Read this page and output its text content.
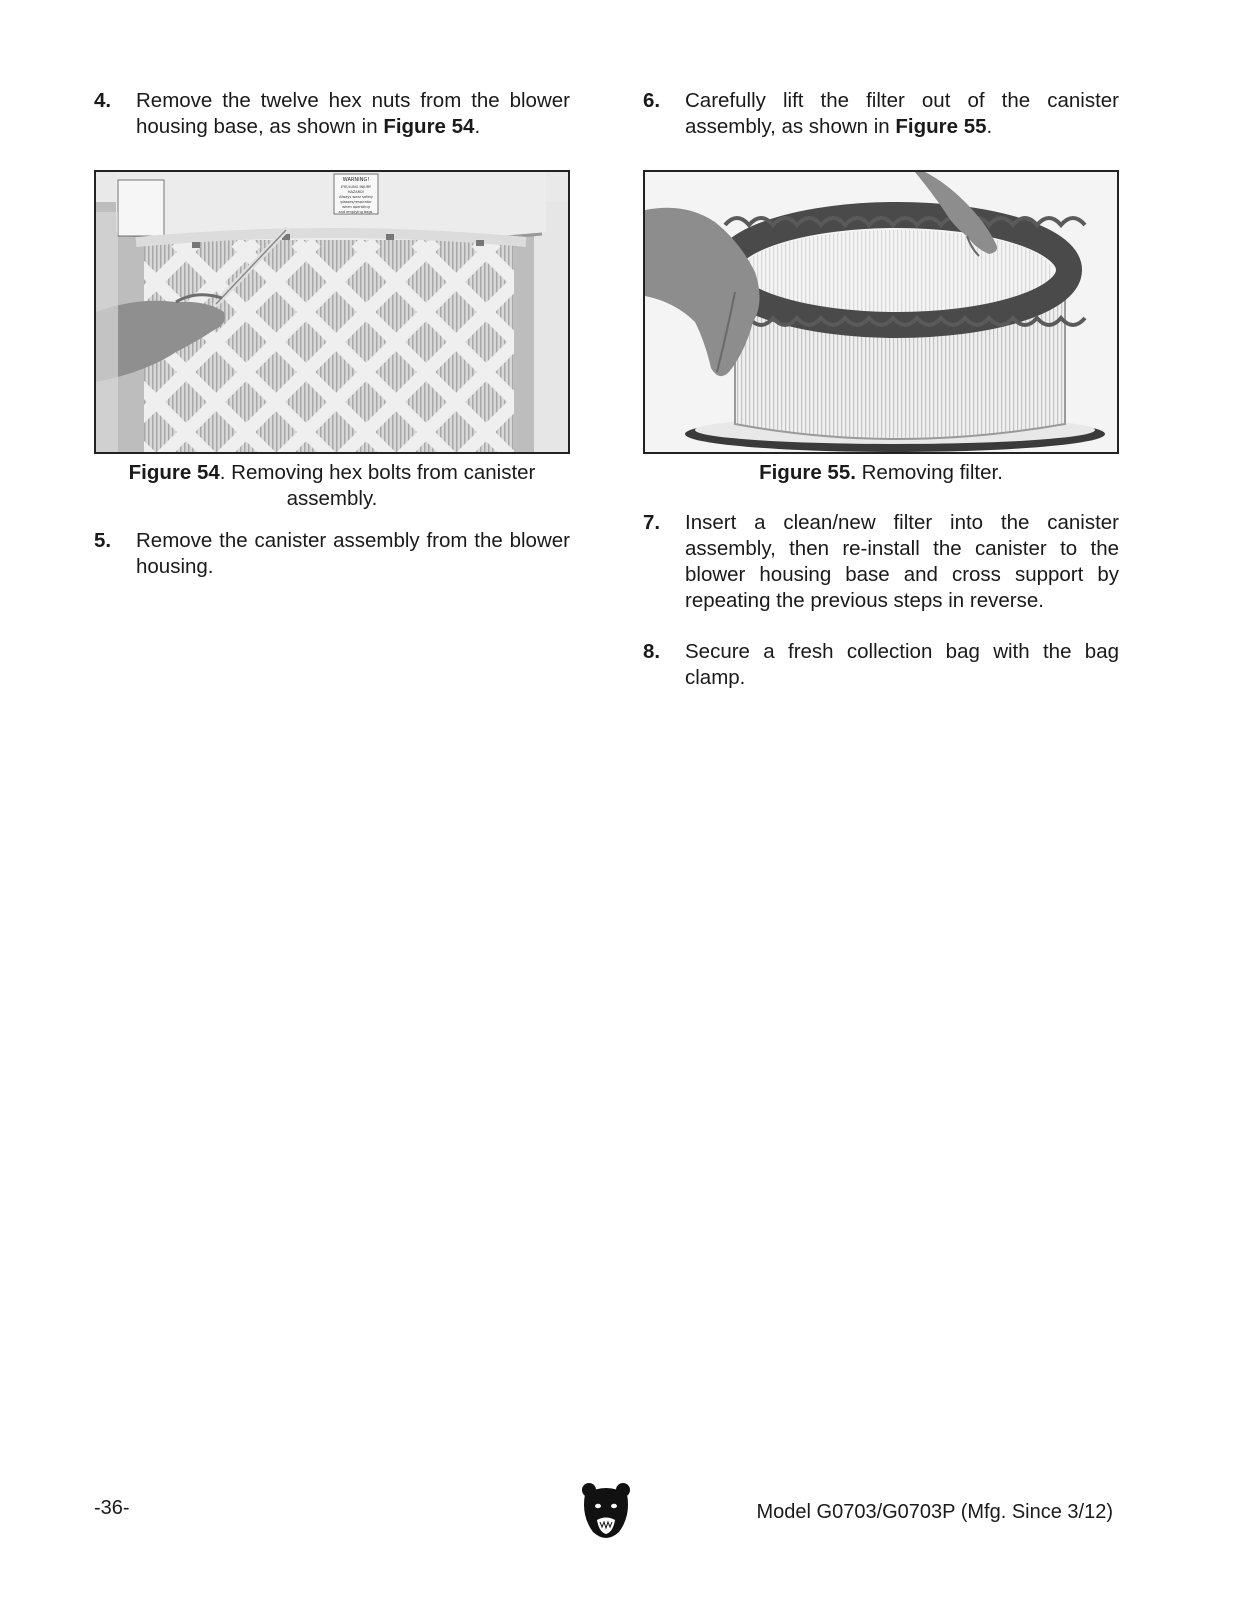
4.	Remove the twelve hex nuts from the blower housing base, as shown in Figure 54.
WARNING!
EYE/LUNG INJURY
HAZARD!
Always wear safety
glasses/respirator
when operating
and emptying bags.
Figure 54. Removing hex bolts from canister assembly.
5.	Remove the canister assembly from the blower housing.
6.	Carefully lift the filter out of the canister assembly, as shown in Figure 55.
Figure 55. Removing filter.
7.	Insert a clean/new filter into the canister assembly, then re-install the canister to the blower housing base and cross support by repeating the previous steps in reverse.
8.	Secure a fresh collection bag with the bag clamp.
-36-	Model G0703/G0703P (Mfg. Since 3/12)
